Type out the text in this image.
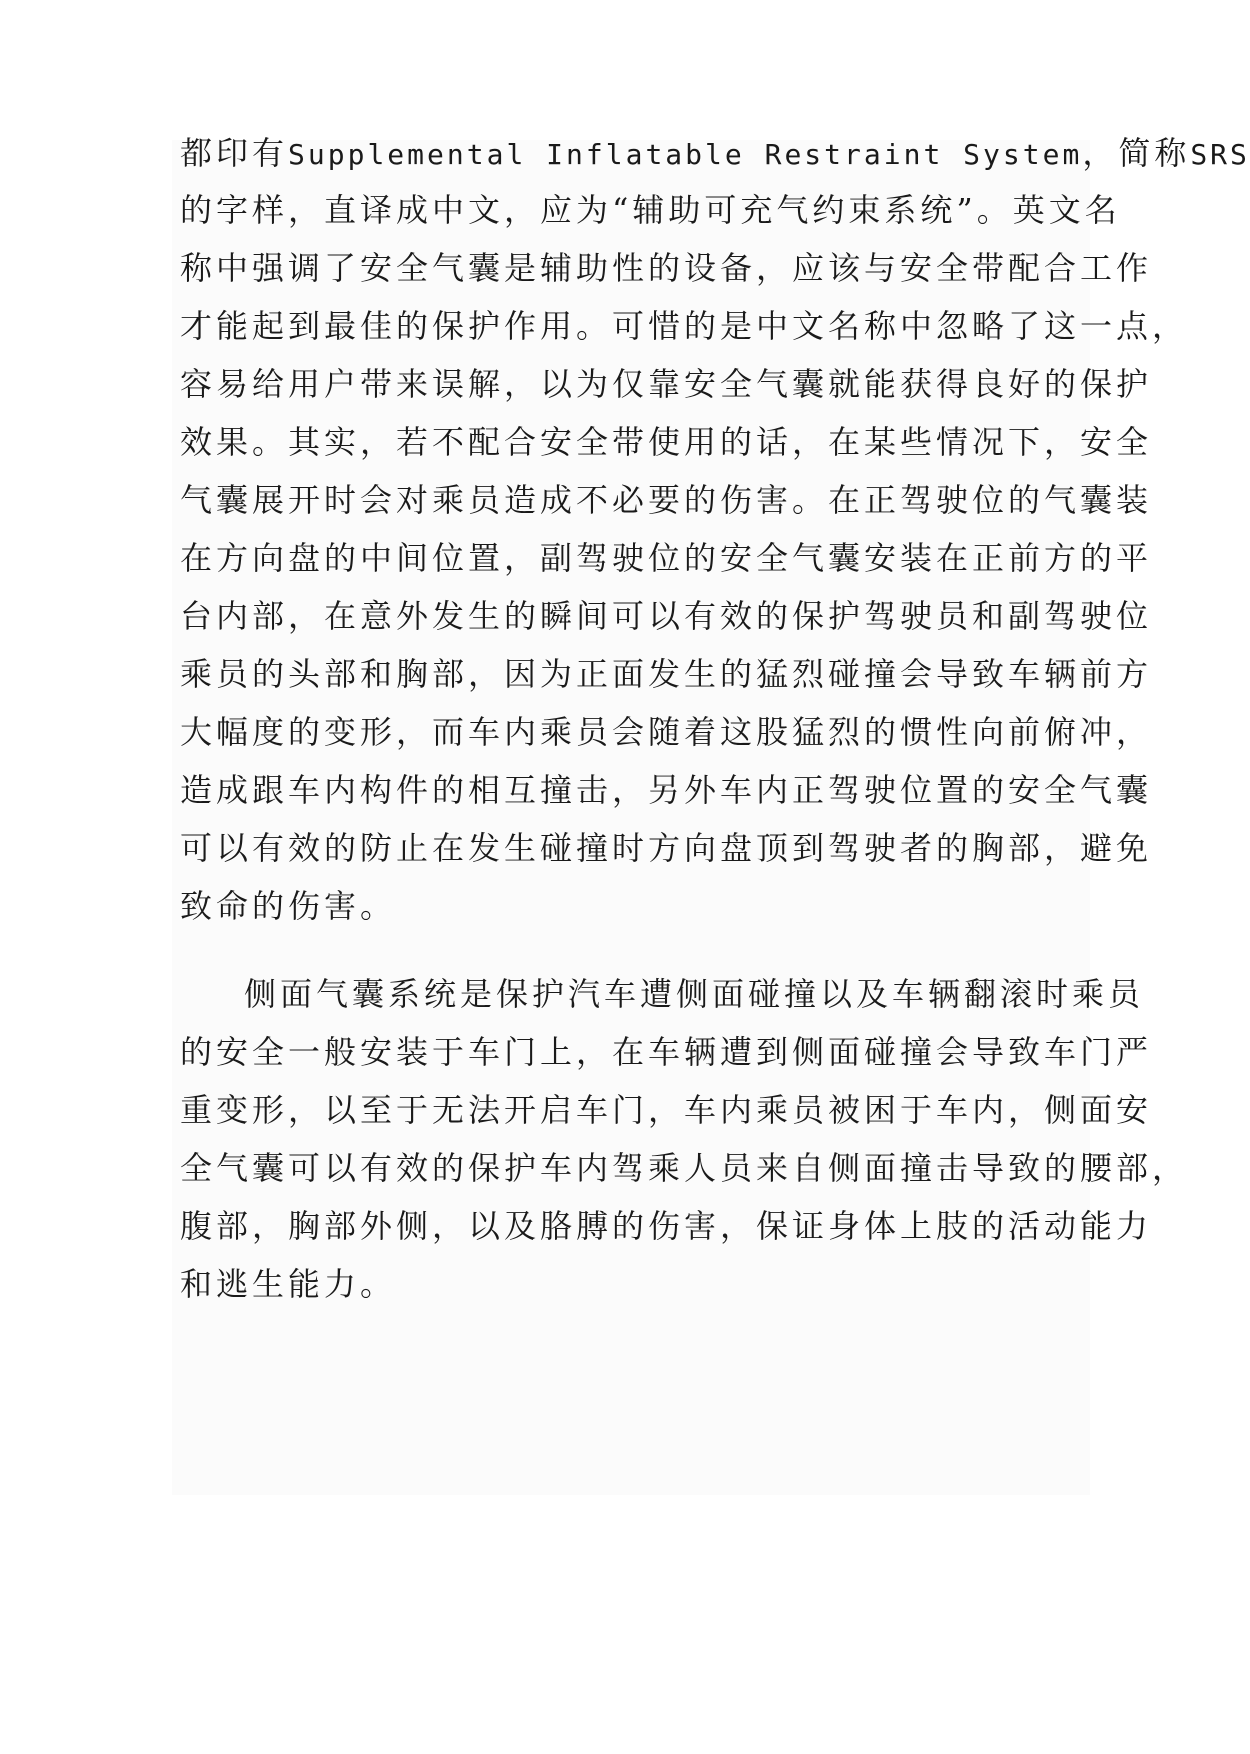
都印有Supplemental Inflatable Restraint System，简称SRS
的字样，直译成中文，应为“辅助可充气约束系统”。英文名
称中强调了安全气囊是辅助性的设备，应该与安全带配合工作
才能起到最佳的保护作用。可惜的是中文名称中忽略了这一点，
容易给用户带来误解，以为仅靠安全气囊就能获得良好的保护
效果。其实，若不配合安全带使用的话，在某些情况下，安全
气囊展开时会对乘员造成不必要的伤害。在正驾驶位的气囊装
在方向盘的中间位置，副驾驶位的安全气囊安装在正前方的平
台内部，在意外发生的瞬间可以有效的保护驾驶员和副驾驶位
乘员的头部和胸部，因为正面发生的猛烈碰撞会导致车辆前方
大幅度的变形，而车内乘员会随着这股猛烈的惯性向前俯冲，
造成跟车内构件的相互撞击，另外车内正驾驶位置的安全气囊
可以有效的防止在发生碰撞时方向盘顶到驾驶者的胸部，避免
致命的伤害。
侧面气囊系统是保护汽车遭侧面碰撞以及车辆翻滚时乘员
的安全一般安装于车门上，在车辆遭到侧面碰撞会导致车门严
重变形，以至于无法开启车门，车内乘员被困于车内，侧面安
全气囊可以有效的保护车内驾乘人员来自侧面撞击导致的腰部，
腹部，胸部外侧，以及胳膊的伤害，保证身体上肢的活动能力
和逃生能力。
